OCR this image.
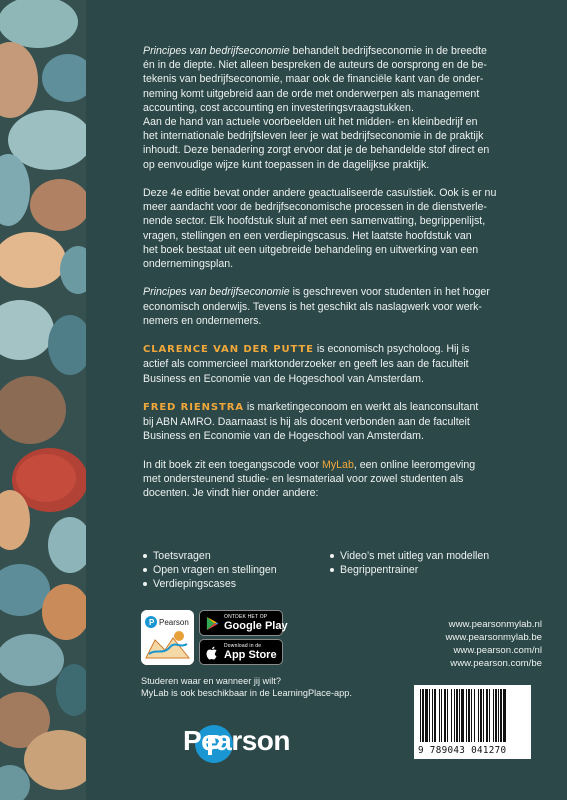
Principes van bedrijfseconomie behandelt bedrijfseconomie in de breedte
én in de diepte. Niet alleen bespreken de auteurs de oorsprong en de be-
tekenis van bedrijfseconomie, maar ook de financiële kant van de onder-
neming komt uitgebreid aan de orde met onderwerpen als management
accounting, cost accounting en investeringsvraagstukken.
Aan de hand van actuele voorbeelden uit het midden- en kleinbedrijf en
het internationale bedrijfsleven leer je wat bedrijfseconomie in de praktijk
inhoudt. Deze benadering zorgt ervoor dat je de behandelde stof direct en
op eenvoudige wijze kunt toepassen in de dagelijkse praktijk.

Deze 4e editie bevat onder andere geactualiseerde casuïstiek. Ook is er nu
meer aandacht voor de bedrijfseconomische processen in de dienstverle-
nende sector. Elk hoofdstuk sluit af met een samenvatting, begrippenlijst,
vragen, stellingen en een verdiepingscasus. Het laatste hoofdstuk van
het boek bestaat uit een uitgebreide behandeling en uitwerking van een
ondernemingsplan.

Principes van bedrijfseconomie is geschreven voor studenten in het hoger
economisch onderwijs. Tevens is het geschikt als naslagwerk voor werk-
nemers en ondernemers.

CLARENCE VAN DER PUTTE is economisch psycholoog. Hij is
actief als commercieel marktonderzoeker en geeft les aan de faculteit
Business en Economie van de Hogeschool van Amsterdam.

FRED RIENSTRA is marketingeconoom en werkt als leanconsultant
bij ABN AMRO. Daarnaast is hij als docent verbonden aan de faculteit
Business en Economie van de Hogeschool van Amsterdam.

In dit boek zit een toegangscode voor MyLab, een online leeromgeving
met ondersteunend studie- en lesmateriaal voor zowel studenten als
docenten. Je vindt hier onder andere:

Toetsvragen
Open vragen en stellingen
Verdiepingscases
Video’s met uitleg van modellen
Begrippentrainer
P Pearson
ONTDEK HET OP
Google Play
Download in de
App Store
Studeren waar en wanneer jij wilt?
MyLab is ook beschikbaar in de LearningPlace-app.
Pearson
www.pearsonmylab.nl
www.pearsonmylab.be
www.pearson.com/nl
www.pearson.com/be
9 789043 041270
